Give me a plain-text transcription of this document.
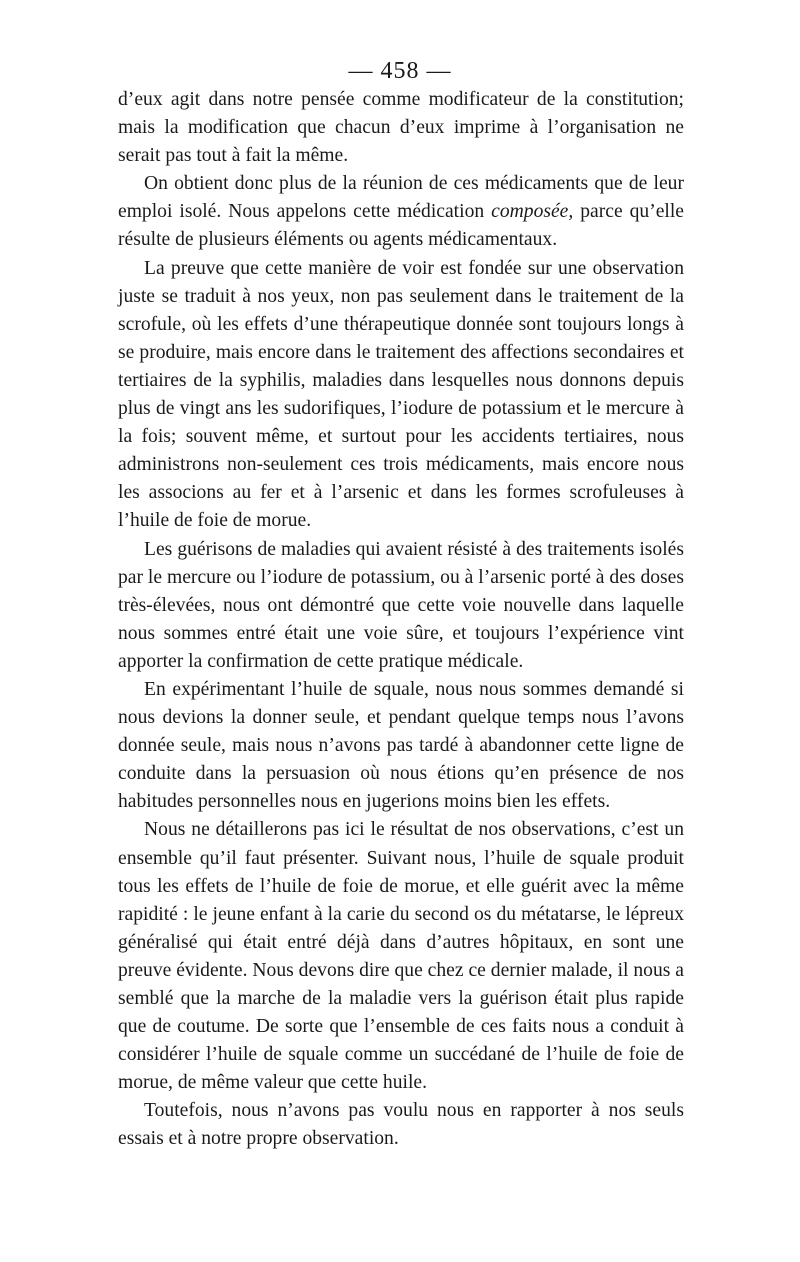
— 458 —

d’eux agit dans notre pensée comme modificateur de la constitution; mais la modification que chacun d’eux imprime à l’organisation ne serait pas tout à fait la même.

On obtient donc plus de la réunion de ces médicaments que de leur emploi isolé. Nous appelons cette médication composée, parce qu’elle résulte de plusieurs éléments ou agents médicamentaux.

La preuve que cette manière de voir est fondée sur une observation juste se traduit à nos yeux, non pas seulement dans le traitement de la scrofule, où les effets d’une thérapeutique donnée sont toujours longs à se produire, mais encore dans le traitement des affections secondaires et tertiaires de la syphilis, maladies dans lesquelles nous donnons depuis plus de vingt ans les sudorifiques, l’iodure de potassium et le mercure à la fois; souvent même, et surtout pour les accidents tertiaires, nous administrons non-seulement ces trois médicaments, mais encore nous les associons au fer et à l’arsenic et dans les formes scrofuleuses à l’huile de foie de morue.

Les guérisons de maladies qui avaient résisté à des traitements isolés par le mercure ou l’iodure de potassium, ou à l’arsenic porté à des doses très-élevées, nous ont démontré que cette voie nouvelle dans laquelle nous sommes entré était une voie sûre, et toujours l’expérience vint apporter la confirmation de cette pratique médicale.

En expérimentant l’huile de squale, nous nous sommes demandé si nous devions la donner seule, et pendant quelque temps nous l’avons donnée seule, mais nous n’avons pas tardé à abandonner cette ligne de conduite dans la persuasion où nous étions qu’en présence de nos habitudes personnelles nous en jugerions moins bien les effets.

Nous ne détaillerons pas ici le résultat de nos observations, c’est un ensemble qu’il faut présenter. Suivant nous, l’huile de squale produit tous les effets de l’huile de foie de morue, et elle guérit avec la même rapidité : le jeune enfant à la carie du second os du métatarse, le lépreux généralisé qui était entré déjà dans d’autres hôpitaux, en sont une preuve évidente. Nous devons dire que chez ce dernier malade, il nous a semblé que la marche de la maladie vers la guérison était plus rapide que de coutume. De sorte que l’ensemble de ces faits nous a conduit à considérer l’huile de squale comme un succédané de l’huile de foie de morue, de même valeur que cette huile.

Toutefois, nous n’avons pas voulu nous en rapporter à nos seuls essais et à notre propre observation.
